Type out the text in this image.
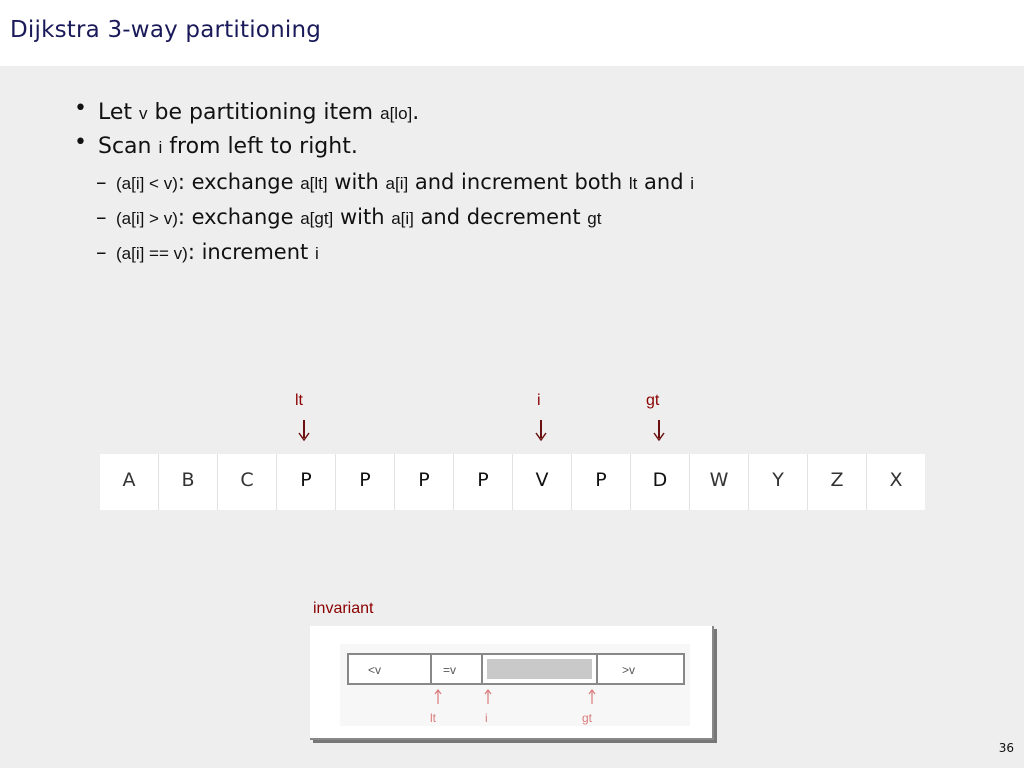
Dijkstra 3-way partitioning
• Let v be partitioning item a[lo].
• Scan i from left to right.
– (a[i] < v): exchange a[lt] with a[i] and increment both lt and i
– (a[i] > v): exchange a[gt] with a[i] and decrement gt
– (a[i] == v): increment i
lt	i	gt
A	B	C	P	P	P	P	V	P	D	W	Y	Z	X
invariant
<v	=v	>v
lt	i	gt
36
